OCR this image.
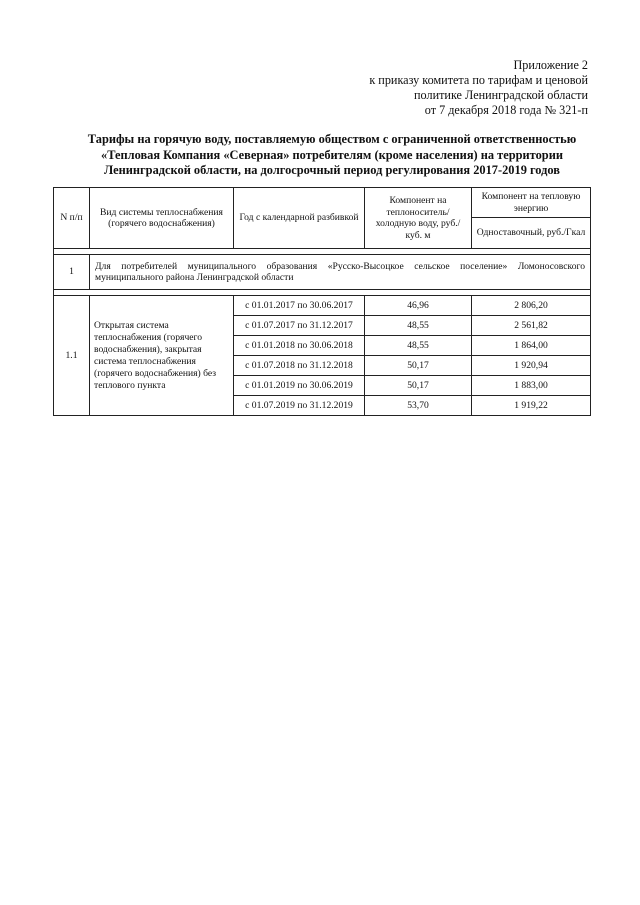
Приложение 2
к приказу комитета по тарифам и ценовой
политике Ленинградской области
от 7 декабря 2018 года № 321-п
Тарифы на горячую воду, поставляемую обществом с ограниченной ответственностью
«Тепловая Компания «Северная» потребителям (кроме населения) на территории
Ленинградской области, на долгосрочный период регулирования 2017-2019 годов
N п/п	Вид системы теплоснабжения (горячего водоснабжения)	Год с календарной разбивкой	Компонент на теплоноситель/ холодную воду, руб./куб. м	Компонент на тепловую энергию
				Одноставочный, руб./Гкал

1	Для потребителей муниципального образования «Русско-Высоцкое сельское поселение» Ломоносовского муниципального района Ленинградской области			

1.1	Открытая система теплоснабжения (горячего водоснабжения), закрытая система теплоснабжения (горячего водоснабжения) без теплового пункта	с 01.01.2017 по 30.06.2017	46,96	2 806,20
		с 01.07.2017 по 31.12.2017	48,55	2 561,82
		с 01.01.2018 по 30.06.2018	48,55	1 864,00
		с 01.07.2018 по 31.12.2018	50,17	1 920,94
		с 01.01.2019 по 30.06.2019	50,17	1 883,00
		с 01.07.2019 по 31.12.2019	53,70	1 919,22
